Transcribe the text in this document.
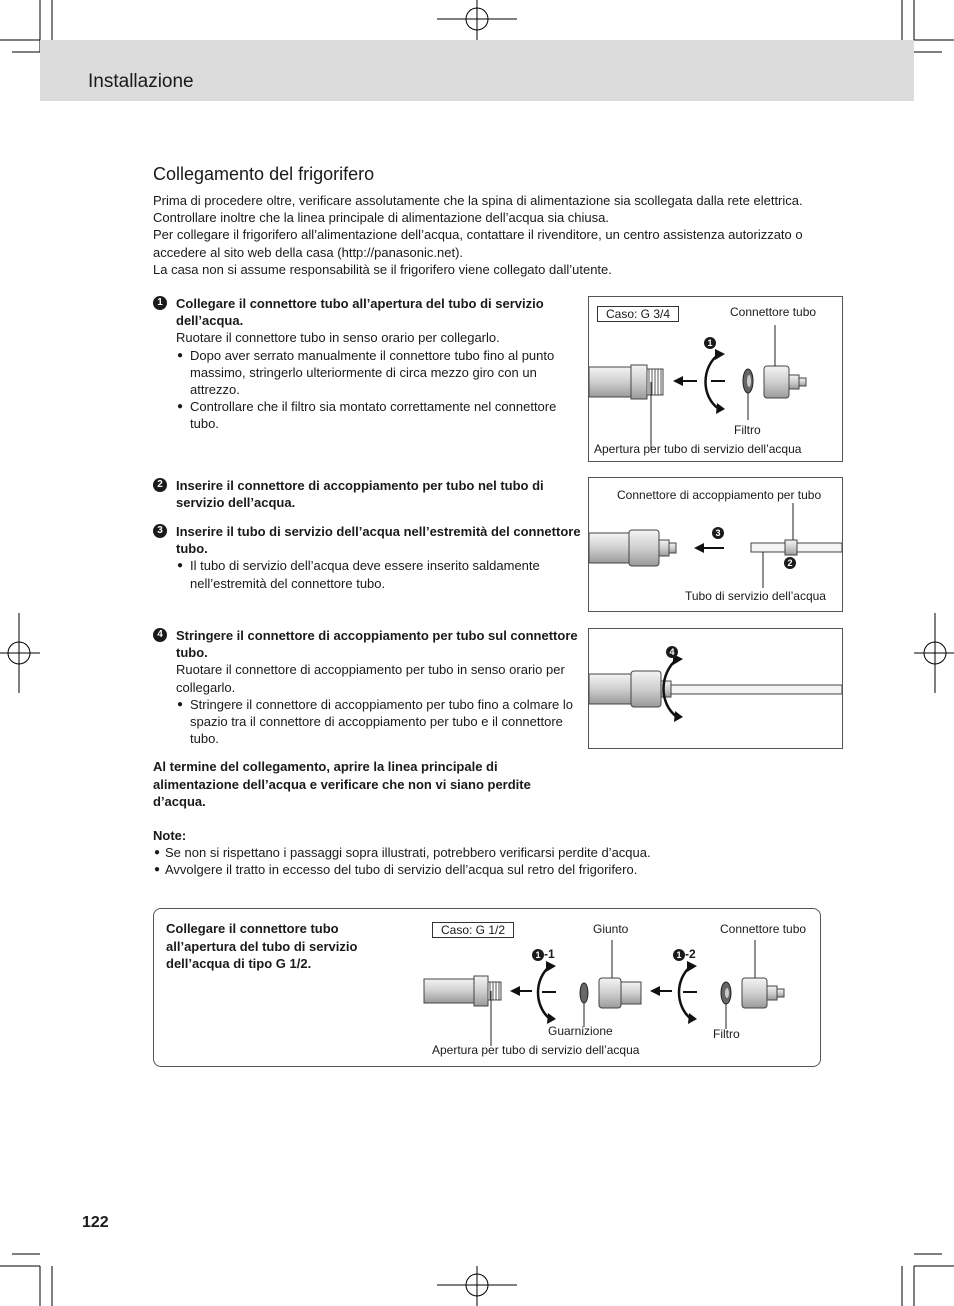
Installazione
Collegamento del frigorifero

Prima di procedere oltre, verificare assolutamente che la spina di alimentazione sia scollegata dalla rete elettrica. Controllare inoltre che la linea principale di alimentazione dell’acqua sia chiusa.

Per collegare il frigorifero all’alimentazione dell’acqua, contattare il rivenditore, un centro assistenza autorizzato o accedere al sito web della casa (http://panasonic.net).

La casa non si assume responsabilità se il frigorifero viene collegato dall’utente.

1	Collegare il connettore tubo all’apertura del tubo di servizio dell’acqua.
Ruotare il connettore tubo in senso orario per collegarlo.
● Dopo aver serrato manualmente il connettore tubo fino al punto massimo, stringerlo ulteriormente di circa mezzo giro con un attrezzo.
● Controllare che il filtro sia montato correttamente nel connettore tubo.
2	Inserire il connettore di accoppiamento per tubo nel tubo di servizio dell’acqua.
3	Inserire il tubo di servizio dell’acqua nell’estremità del connettore tubo.
● Il tubo di servizio dell’acqua deve essere inserito saldamente nell’estremità del connettore tubo.
4	Stringere il connettore di accoppiamento per tubo sul connettore tubo.
Ruotare il connettore di accoppiamento per tubo in senso orario per collegarlo.
● Stringere il connettore di accoppiamento per tubo fino a colmare lo spazio tra il connettore di accoppiamento per tubo e il connettore tubo.
Caso: G 3/4	Connettore tubo
1
Filtro
Apertura per tubo di servizio dell’acqua
Connettore di accoppiamento per tubo
3
2
Tubo di servizio dell’acqua
4
Al termine del collegamento, aprire la linea principale di alimentazione dell’acqua e verificare che non vi siano perdite d’acqua.
Note:
● Se non si rispettano i passaggi sopra illustrati, potrebbero verificarsi perdite d’acqua.
● Avvolgere il tratto in eccesso del tubo di servizio dell’acqua sul retro del frigorifero.
Collegare il connettore tubo all’apertura del tubo di servizio dell’acqua di tipo G 1/2.
Caso: G 1/2	Giunto	Connettore tubo
1 -1	1 -2
Guarnizione	Filtro
Apertura per tubo di servizio dell’acqua
122
